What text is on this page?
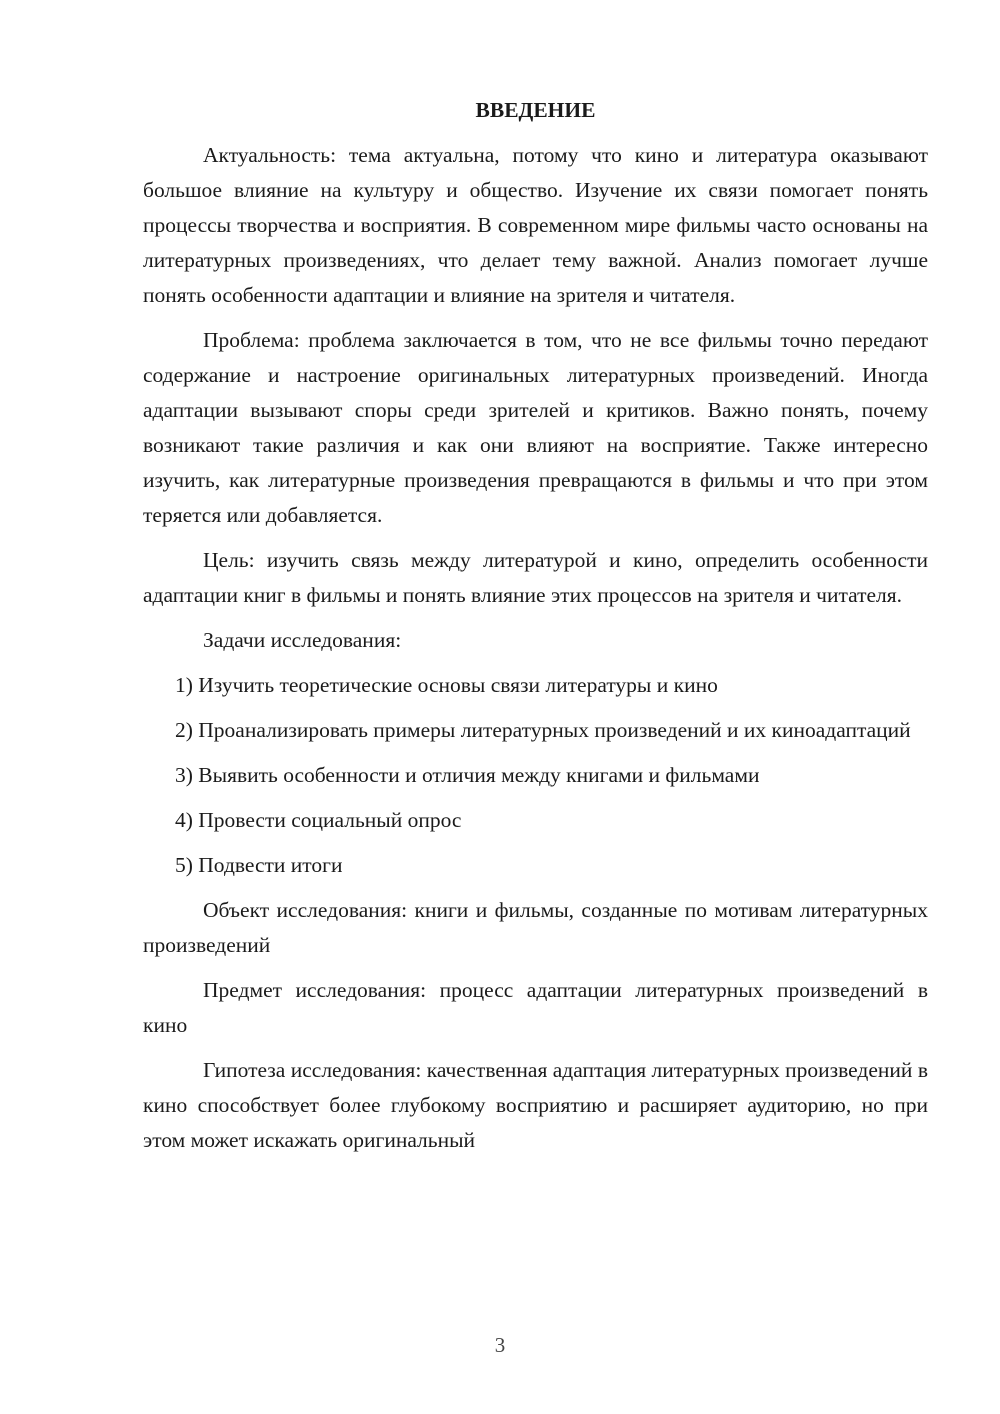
ВВЕДЕНИЕ

Актуальность: тема актуальна, потому что кино и литература оказывают большое влияние на культуру и общество. Изучение их связи помогает понять процессы творчества и восприятия. В современном мире фильмы часто основаны на литературных произведениях, что делает тему важной. Анализ помогает лучше понять особенности адаптации и влияние на зрителя и читателя.

Проблема: проблема заключается в том, что не все фильмы точно передают содержание и настроение оригинальных литературных произведений. Иногда адаптации вызывают споры среди зрителей и критиков. Важно понять, почему возникают такие различия и как они влияют на восприятие. Также интересно изучить, как литературные произведения превращаются в фильмы и что при этом теряется или добавляется.

Цель: изучить связь между литературой и кино, определить особенности адаптации книг в фильмы и понять влияние этих процессов на зрителя и читателя.

Задачи исследования:

1) Изучить теоретические основы связи литературы и кино

2) Проанализировать примеры литературных произведений и их киноадаптаций

3) Выявить особенности и отличия между книгами и фильмами

4) Провести социальный опрос

5) Подвести итоги

Объект исследования: книги и фильмы, созданные по мотивам литературных произведений

Предмет исследования: процесс адаптации литературных произведений в кино

Гипотеза исследования: качественная адаптация литературных произведений в кино способствует более глубокому восприятию и расширяет аудиторию, но при этом может искажать оригинальный

3
